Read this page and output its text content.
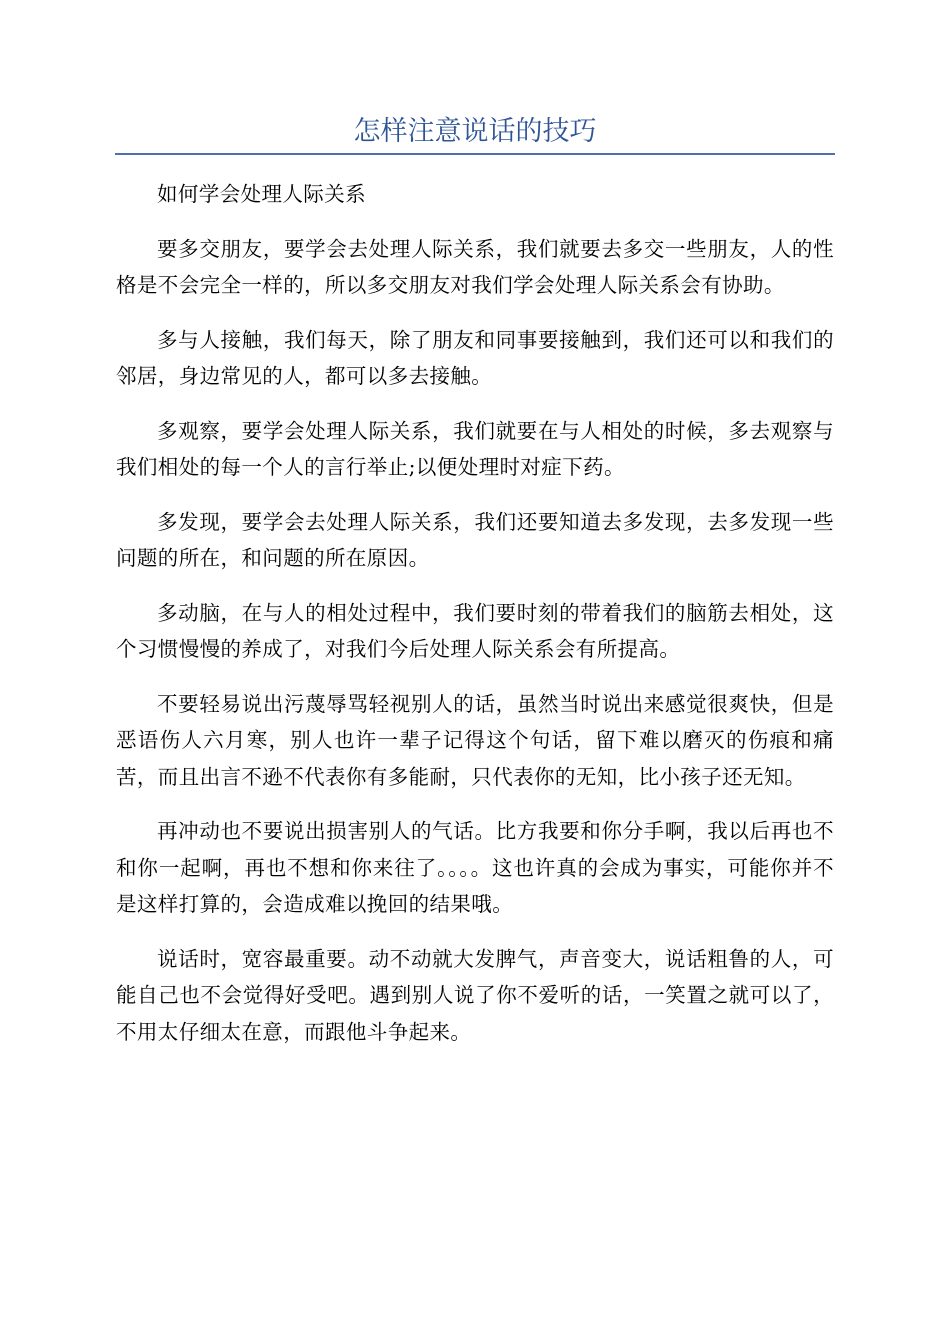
怎样注意说话的技巧

如何学会处理人际关系

要多交朋友，要学会去处理人际关系，我们就要去多交一些朋友，人的性格是不会完全一样的，所以多交朋友对我们学会处理人际关系会有协助。

多与人接触，我们每天，除了朋友和同事要接触到，我们还可以和我们的邻居，身边常见的人，都可以多去接触。

多观察，要学会处理人际关系，我们就要在与人相处的时候，多去观察与我们相处的每一个人的言行举止;以便处理时对症下药。

多发现，要学会去处理人际关系，我们还要知道去多发现，去多发现一些问题的所在，和问题的所在原因。

多动脑，在与人的相处过程中，我们要时刻的带着我们的脑筋去相处，这个习惯慢慢的养成了，对我们今后处理人际关系会有所提高。

不要轻易说出污蔑辱骂轻视别人的话，虽然当时说出来感觉很爽快，但是恶语伤人六月寒，别人也许一辈子记得这个句话，留下难以磨灭的伤痕和痛苦，而且出言不逊不代表你有多能耐，只代表你的无知，比小孩子还无知。

再冲动也不要说出损害别人的气话。比方我要和你分手啊，我以后再也不和你一起啊，再也不想和你来往了。。。。这也许真的会成为事实，可能你并不是这样打算的，会造成难以挽回的结果哦。

说话时，宽容最重要。动不动就大发脾气，声音变大，说话粗鲁的人，可能自己也不会觉得好受吧。遇到别人说了你不爱听的话，一笑置之就可以了，不用太仔细太在意，而跟他斗争起来。
